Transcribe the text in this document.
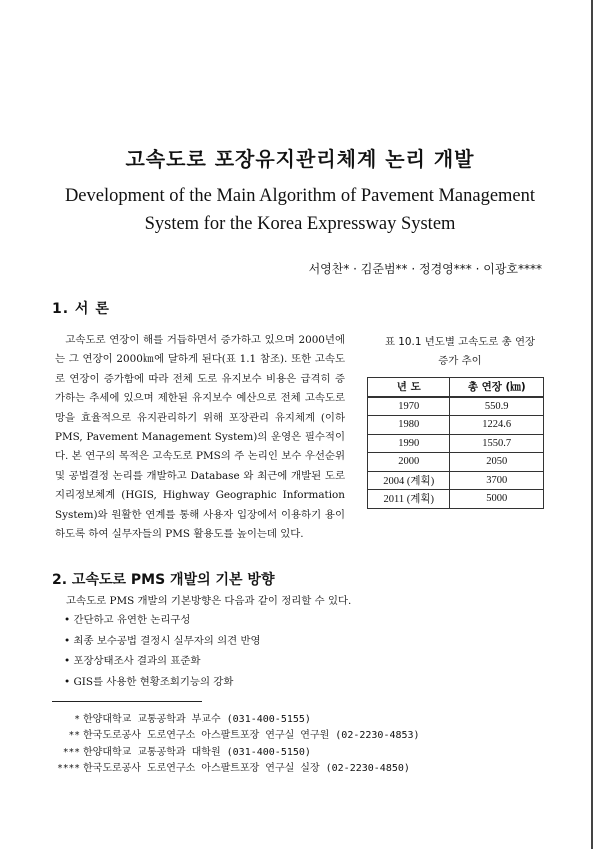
고속도로 포장유지관리체계 논리 개발
Development of the Main Algorithm of Pavement Management
System for the Korea Expressway System
서영찬* · 김준범** · 정경영*** · 이광호****
1. 서 론
고속도로 연장이 해를 거듭하면서 증가하고 있으며 2000년에는 그 연장이 2000㎞에 달하게 된다(표 1.1 참조). 또한 고속도로 연장이 증가함에 따라 전체 도로 유지보수 비용은 급격히 증가하는 추세에 있으며 제한된 유지보수 예산으로 전체 고속도로망을 효율적으로 유지관리하기 위해 포장관리 유지체계 (이하 PMS, Pavement Management System)의 운영은 필수적이다. 본 연구의 목적은 고속도로 PMS의 주 논리인 보수 우선순위 및 공법결정 논리를 개발하고 Database 와 최근에 개발된 도로지리정보체계 (HGIS, Highway Geographic Information System)와 원활한 연계를 통해 사용자 입장에서 이용하기 용이하도록 하여 실무자들의 PMS 활용도를 높이는데 있다.
표 10.1 년도별 고속도로 총 연장
증가 추이
년 도	총 연장 (㎞)
1970	550.9
1980	1224.6
1990	1550.7
2000	2050
2004 (계획)	3700
2011 (계획)	5000
2. 고속도로 PMS 개발의 기본 방향
고속도로 PMS 개발의 기본방향은 다음과 같이 정리할 수 있다.
• 간단하고 유연한 논리구성
• 최종 보수공법 결정시 실무자의 의견 반영
• 포장상태조사 결과의 표준화
• GIS를 사용한 현황조회기능의 강화
* 한양대학교 교통공학과 부교수 (031-400-5155)
** 한국도로공사 도로연구소 아스팔트포장 연구실 연구원 (02-2230-4853)
*** 한양대학교 교통공학과 대학원 (031-400-5150)
**** 한국도로공사 도로연구소 아스팔트포장 연구실 실장 (02-2230-4850)
